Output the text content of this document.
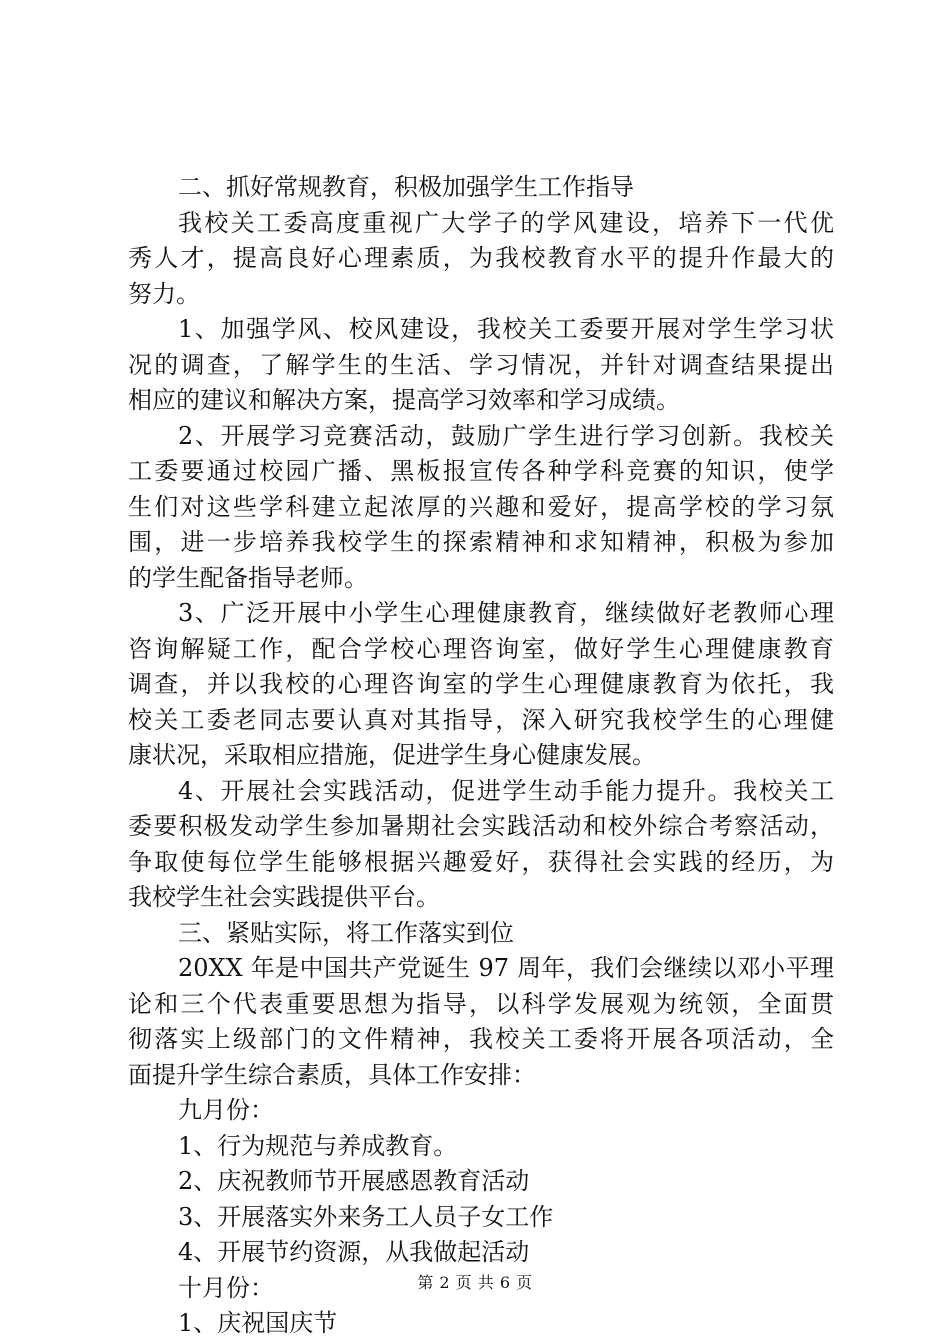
二、抓好常规教育，积极加强学生工作指导
我校关工委高度重视广大学子的学风建设，培养下一代优
秀人才，提高良好心理素质，为我校教育水平的提升作最大的
努力。
1、加强学风、校风建设，我校关工委要开展对学生学习状
况的调查，了解学生的生活、学习情况，并针对调查结果提出
相应的建议和解决方案，提高学习效率和学习成绩。
2、开展学习竞赛活动，鼓励广学生进行学习创新。我校关
工委要通过校园广播、黑板报宣传各种学科竞赛的知识，使学
生们对这些学科建立起浓厚的兴趣和爱好，提高学校的学习氛
围，进一步培养我校学生的探索精神和求知精神，积极为参加
的学生配备指导老师。
3、广泛开展中小学生心理健康教育，继续做好老教师心理
咨询解疑工作，配合学校心理咨询室，做好学生心理健康教育
调查，并以我校的心理咨询室的学生心理健康教育为依托，我
校关工委老同志要认真对其指导，深入研究我校学生的心理健
康状况，采取相应措施，促进学生身心健康发展。
4、开展社会实践活动，促进学生动手能力提升。我校关工
委要积极发动学生参加暑期社会实践活动和校外综合考察活动，
争取使每位学生能够根据兴趣爱好，获得社会实践的经历，为
我校学生社会实践提供平台。
三、紧贴实际，将工作落实到位
20XX 年是中国共产党诞生 97 周年，我们会继续以邓小平理
论和三个代表重要思想为指导，以科学发展观为统领，全面贯
彻落实上级部门的文件精神，我校关工委将开展各项活动，全
面提升学生综合素质，具体工作安排：
九月份：
1、行为规范与养成教育。
2、庆祝教师节开展感恩教育活动
3、开展落实外来务工人员子女工作
4、开展节约资源，从我做起活动
十月份：
1、庆祝国庆节
第 2 页 共 6 页
